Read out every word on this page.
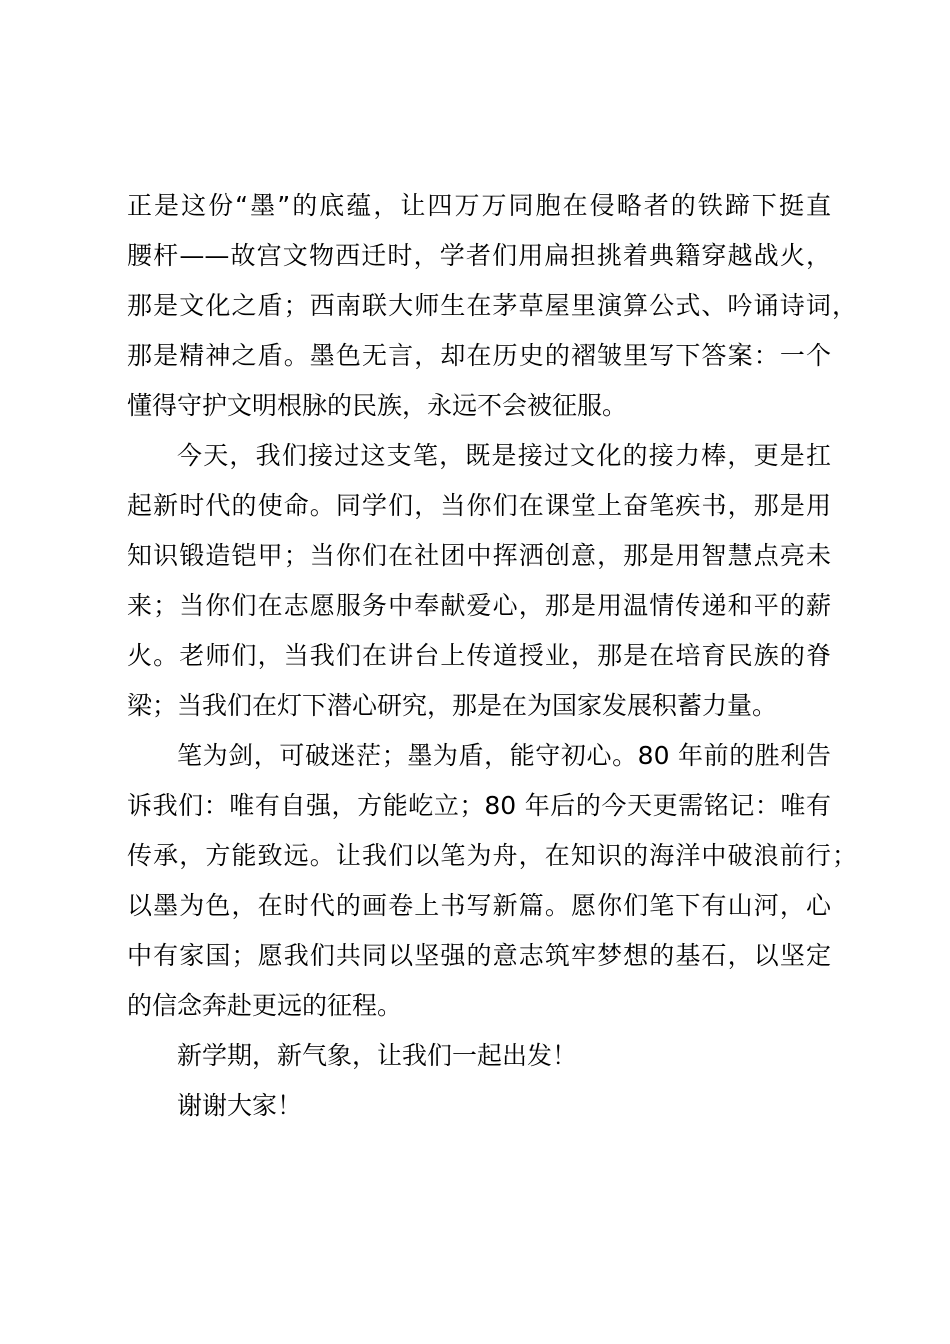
正是这份“墨”的底蕴，让四万万同胞在侵略者的铁蹄下挺直
腰杆——故宫文物西迁时，学者们用扁担挑着典籍穿越战火，
那是文化之盾；西南联大师生在茅草屋里演算公式、吟诵诗词，
那是精神之盾。墨色无言，却在历史的褶皱里写下答案：一个
懂得守护文明根脉的民族，永远不会被征服。
今天，我们接过这支笔，既是接过文化的接力棒，更是扛
起新时代的使命。同学们，当你们在课堂上奋笔疾书，那是用
知识锻造铠甲；当你们在社团中挥洒创意，那是用智慧点亮未
来；当你们在志愿服务中奉献爱心，那是用温情传递和平的薪
火。老师们，当我们在讲台上传道授业，那是在培育民族的脊
梁；当我们在灯下潜心研究，那是在为国家发展积蓄力量。
笔为剑，可破迷茫；墨为盾，能守初心。80 年前的胜利告
诉我们：唯有自强，方能屹立；80 年后的今天更需铭记：唯有
传承，方能致远。让我们以笔为舟，在知识的海洋中破浪前行；
以墨为色，在时代的画卷上书写新篇。愿你们笔下有山河，心
中有家国；愿我们共同以坚强的意志筑牢梦想的基石，以坚定
的信念奔赴更远的征程。
新学期，新气象，让我们一起出发！
谢谢大家！
